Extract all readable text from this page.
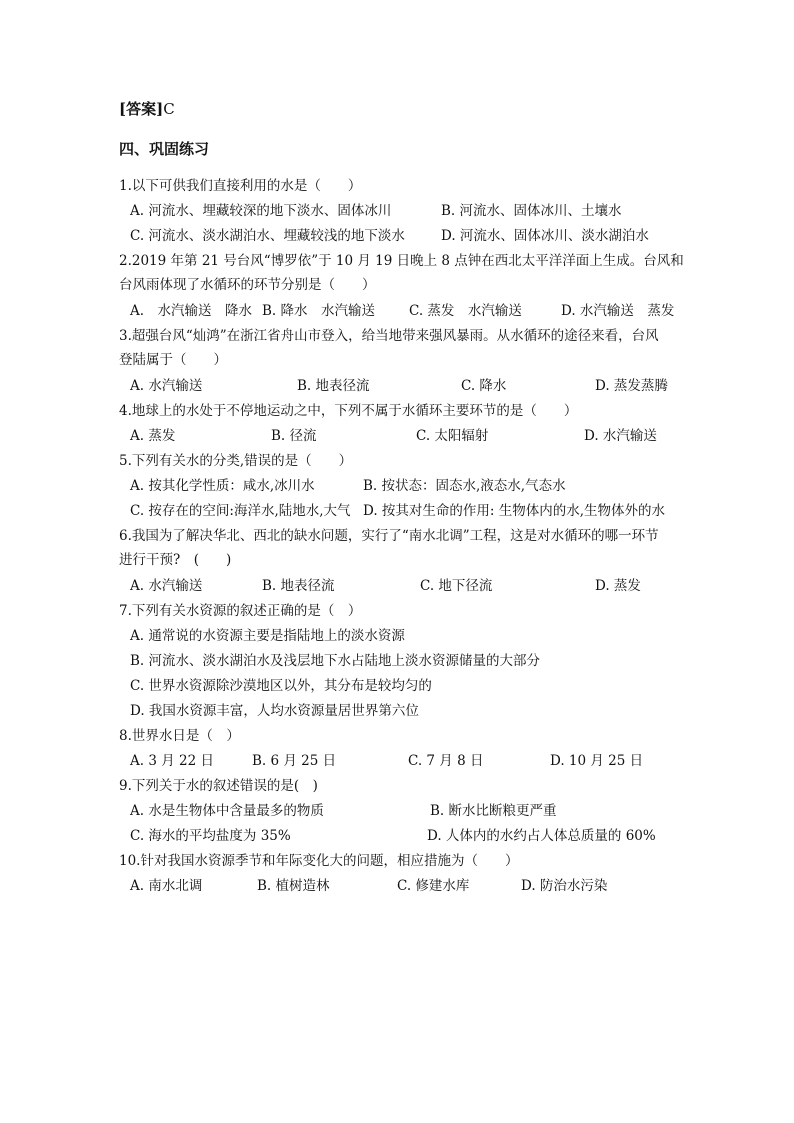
[答案]C
四、巩固练习
1.以下可供我们直接利用的水是（　　）
A. 河流水、埋藏较深的地下淡水、固体冰川	B. 河流水、固体冰川、土壤水
C. 河流水、淡水湖泊水、埋藏较浅的地下淡水	D. 河流水、固体冰川、淡水湖泊水
2.2019 年第 21 号台风“博罗依”于 10 月 19 日晚上 8 点钟在西北太平洋洋面上生成。台风和
台风雨体现了水循环的环节分别是（　　）
A.　水汽输送　降水 B. 降水　水汽输送	C. 蒸发　水汽输送	D. 水汽输送　蒸发
3.超强台风“灿鸿”在浙江省舟山市登入，给当地带来强风暴雨。从水循环的途径来看，台风
登陆属于（　　）
A. 水汽输送	B. 地表径流	C. 降水	D. 蒸发蒸腾
4.地球上的水处于不停地运动之中，下列不属于水循环主要环节的是（　　）
A. 蒸发	B. 径流	C. 太阳辐射	D. 水汽输送
5.下列有关水的分类,错误的是（　　）
A. 按其化学性质：咸水,冰川水	B. 按状态：固态水,液态水,气态水
C. 按存在的空间:海洋水,陆地水,大气 D. 按其对生命的作用: 生物体内的水,生物体外的水
6.我国为了解决华北、西北的缺水问题，实行了“南水北调”工程，这是对水循环的哪一环节
进行干预?　(　　)
A. 水汽输送	B. 地表径流	C. 地下径流	D. 蒸发
7.下列有关水资源的叙述正确的是（　）
A. 通常说的水资源主要是指陆地上的淡水资源
B. 河流水、淡水湖泊水及浅层地下水占陆地上淡水资源储量的大部分
C. 世界水资源除沙漠地区以外，其分布是较均匀的
D. 我国水资源丰富，人均水资源量居世界第六位
8.世界水日是（　）
A. 3 月 22 日	B. 6 月 25 日	C. 7 月 8 日	D. 10 月 25 日
9.下列关于水的叙述错误的是(　)
A. 水是生物体中含量最多的物质	B. 断水比断粮更严重
C. 海水的平均盐度为 35%	D. 人体内的水约占人体总质量的 60%
10.针对我国水资源季节和年际变化大的问题，相应措施为（　　）
A. 南水北调	B. 植树造林	C. 修建水库	D. 防治水污染
